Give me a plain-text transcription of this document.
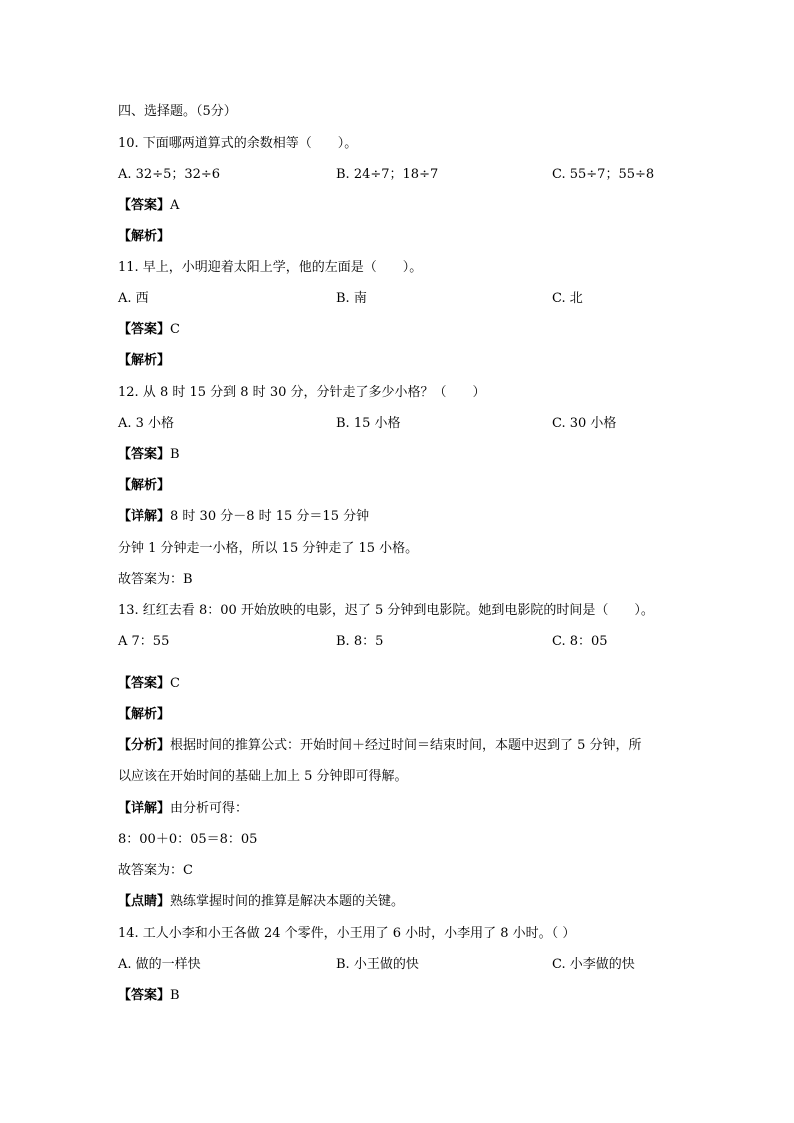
四、选择题。（5分）
10. 下面哪两道算式的余数相等（　　）。
A. 32÷5；32÷6	B. 24÷7；18÷7	C. 55÷7；55÷8
【答案】A
【解析】
11. 早上，小明迎着太阳上学，他的左面是（　　）。
A. 西	B. 南	C. 北
【答案】C
【解析】
12. 从 8 时 15 分到 8 时 30 分，分针走了多少小格？（　　）
A. 3 小格	B. 15 小格	C. 30 小格
【答案】B
【解析】
【详解】8 时 30 分－8 时 15 分＝15 分钟
分钟 1 分钟走一小格，所以 15 分钟走了 15 小格。
故答案为：B
13. 红红去看 8：00 开始放映的电影，迟了 5 分钟到电影院。她到电影院的时间是（　　）。
A 7：55	B. 8：5	C. 8：05
【答案】C
【解析】
【分析】根据时间的推算公式：开始时间＋经过时间＝结束时间，本题中迟到了 5 分钟，所
以应该在开始时间的基础上加上 5 分钟即可得解。
【详解】由分析可得：
8：00＋0：05＝8：05
故答案为：C
【点睛】熟练掌握时间的推算是解决本题的关键。
14. 工人小李和小王各做 24 个零件，小王用了 6 小时，小李用了 8 小时。（ ）
A. 做的一样快	B. 小王做的快	C. 小李做的快
【答案】B
